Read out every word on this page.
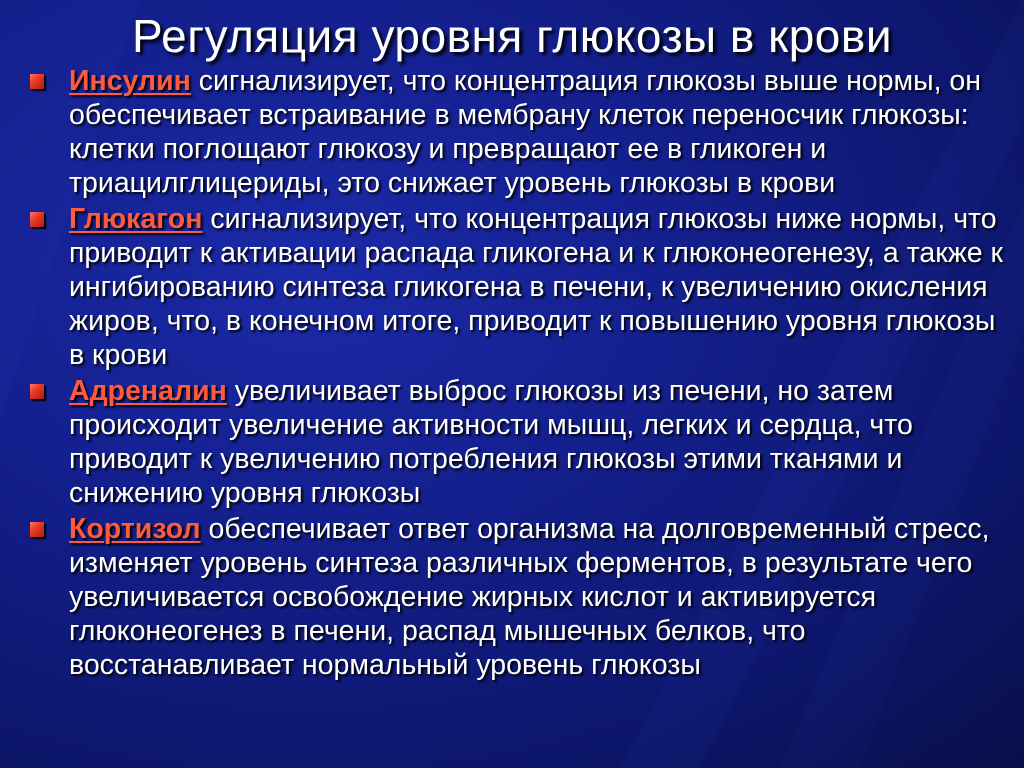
Регуляция уровня глюкозы в крови
Инсулин сигнализирует, что концентрация глюкозы выше нормы, он обеспечивает встраивание в мембрану клеток переносчик глюкозы: клетки поглощают глюкозу и превращают ее в гликоген и триацилглицериды, это снижает уровень глюкозы в крови
Глюкагон сигнализирует, что концентрация глюкозы ниже нормы, что приводит к активации распада гликогена и к глюконеогенезу, а также к ингибированию синтеза гликогена в печени, к увеличению окисления жиров, что, в конечном итоге, приводит к повышению уровня глюкозы в крови
Адреналин увеличивает выброс глюкозы из печени, но затем происходит увеличение активности мышц, легких и сердца, что приводит к увеличению потребления глюкозы этими тканями и снижению уровня глюкозы
Кортизол обеспечивает ответ организма на долговременный стресс, изменяет уровень синтеза различных ферментов, в результате чего увеличивается освобождение жирных кислот и активируется глюконеогенез в печени, распад мышечных белков, что восстанавливает нормальный уровень глюкозы
